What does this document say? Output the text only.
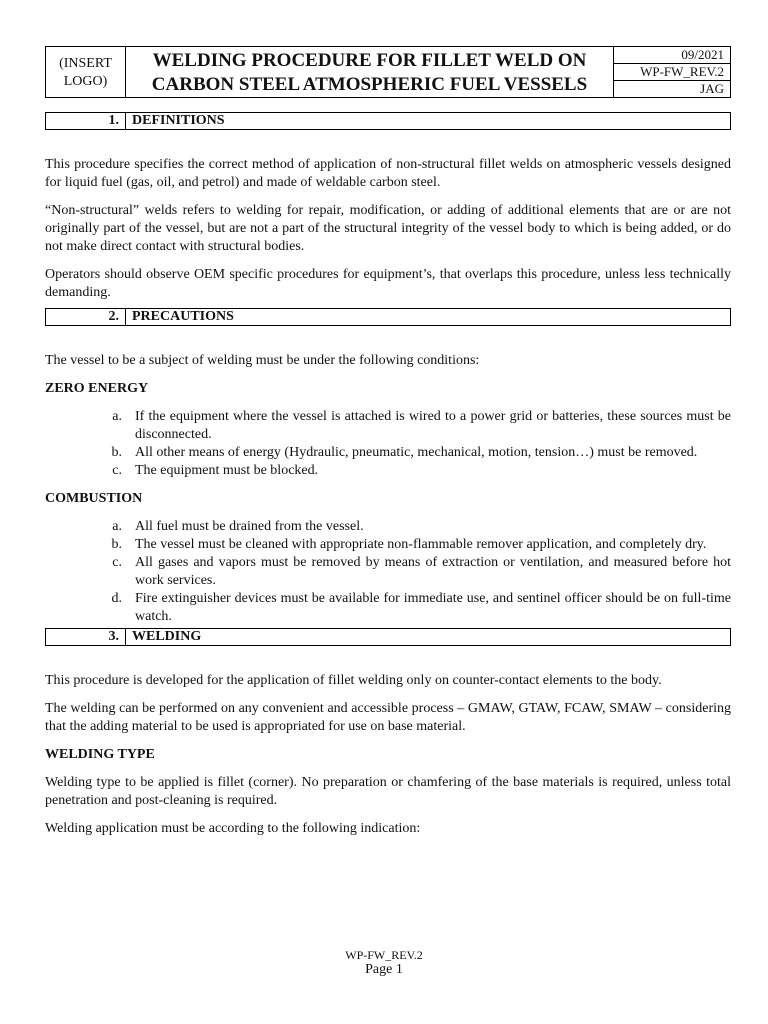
(INSERT
LOGO)
WELDING PROCEDURE FOR FILLET WELD ON
CARBON STEEL ATMOSPHERIC FUEL VESSELS
09/2021
WP-FW_REV.2
JAG
1. DEFINITIONS

This procedure specifies the correct method of application of non-structural fillet welds on atmospheric vessels designed for liquid fuel (gas, oil, and petrol) and made of weldable carbon steel.

“Non-structural” welds refers to welding for repair, modification, or adding of additional elements that are or are not originally part of the vessel, but are not a part of the structural integrity of the vessel body to which is being added, or do not make direct contact with structural bodies.

Operators should observe OEM specific procedures for equipment’s, that overlaps this procedure, unless less technically demanding.

2. PRECAUTIONS

The vessel to be a subject of welding must be under the following conditions:

ZERO ENERGY
a. If the equipment where the vessel is attached is wired to a power grid or batteries, these sources must be disconnected.
b. All other means of energy (Hydraulic, pneumatic, mechanical, motion, tension…) must be removed.
c. The equipment must be blocked.
COMBUSTION
a. All fuel must be drained from the vessel.
b. The vessel must be cleaned with appropriate non-flammable remover application, and completely dry.
c. All gases and vapors must be removed by means of extraction or ventilation, and measured before hot work services.
d. Fire extinguisher devices must be available for immediate use, and sentinel officer should be on full-time watch.
3. WELDING

This procedure is developed for the application of fillet welding only on counter-contact elements to the body.

The welding can be performed on any convenient and accessible process – GMAW, GTAW, FCAW, SMAW – considering that the adding material to be used is appropriated for use on base material.

WELDING TYPE

Welding type to be applied is fillet (corner). No preparation or chamfering of the base materials is required, unless total penetration and post-cleaning is required.

Welding application must be according to the following indication:

WP-FW_REV.2
Page 1
